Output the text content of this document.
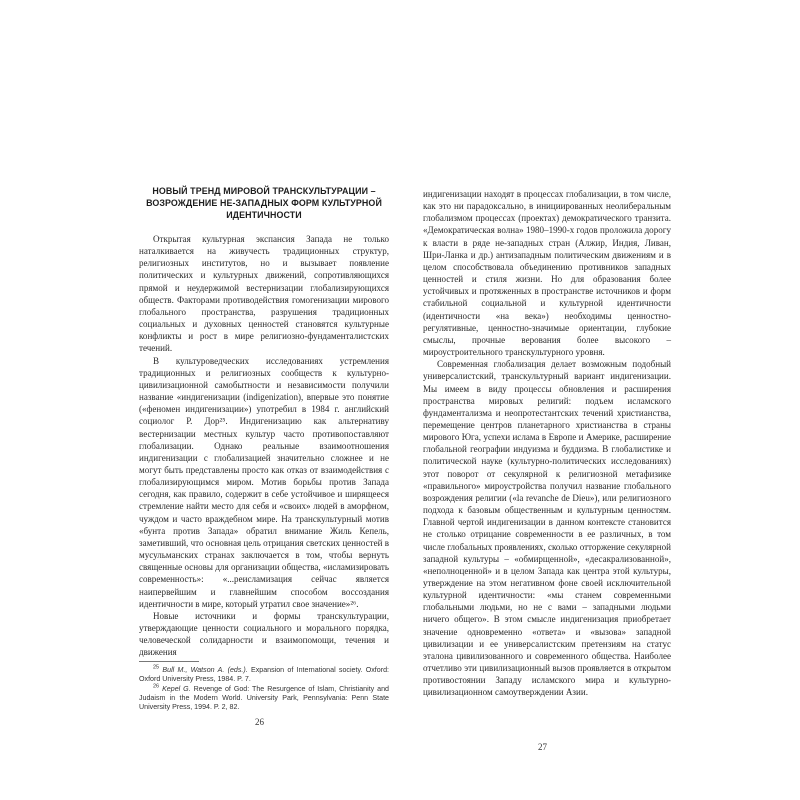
НОВЫЙ ТРЕНД МИРОВОЙ ТРАНСКУЛЬТУРАЦИИ – ВОЗРОЖДЕНИЕ НЕ-ЗАПАДНЫХ ФОРМ КУЛЬТУРНОЙ ИДЕНТИЧНОСТИ

Открытая культурная экспансия Запада не только наталкивается на живучесть традиционных структур, религиозных институтов, но и вызывает появление политических и культурных движений, сопротивляющихся прямой и неудержимой вестернизации глобализирующихся обществ. Факторами противодействия гомогенизации мирового глобального пространства, разрушения традиционных социальных и духовных ценностей становятся культурные конфликты и рост в мире религиозно-фундаменталистских течений.

В культуроведческих исследованиях устремления традиционных и религиозных сообществ к культурно-цивилизационной самобытности и независимости получили название «индигенизации (indigenization), впервые это понятие («феномен индигенизации») употребил в 1984 г. английский социолог Р. Дор²⁵. Индигенизацию как альтернативу вестернизации местных культур часто противопоставляют глобализации. Однако реальные взаимоотношения индигенизации с глобализацией значительно сложнее и не могут быть представлены просто как отказ от взаимодействия с глобализирующимся миром. Мотив борьбы против Запада сегодня, как правило, содержит в себе устойчивое и ширящееся стремление найти место для себя и «своих» людей в аморфном, чуждом и часто враждебном мире. На транскультурный мотив «бунта против Запада» обратил внимание Жиль Кепель, заметивший, что основная цель отрицания светских ценностей в мусульманских странах заключается в том, чтобы вернуть священные основы для организации общества, «исламизировать современность»: «...реисламизация сейчас является наипервейшим и главнейшим способом воссоздания идентичности в мире, который утратил свое значение»²⁶.

Новые источники и формы транскультурации, утверждающие ценности социального и морального порядка, человеческой солидарности и взаимопомощи, течения и движения

$^{25}$ Bull M., Watson A. (eds.). Expansion of International society. Oxford: Oxford University Press, 1984. P. 7.

$^{26}$ Kepel G. Revenge of God: The Resurgence of Islam, Christianity and Judaism in the Modern World. University Park, Pennsylvania: Penn State University Press, 1994. P. 2, 82.

26

индигенизации находят в процессах глобализации, в том числе, как это ни парадоксально, в инициированных неолиберальным глобализмом процессах (проектах) демократического транзита. «Демократическая волна» 1980–1990-х годов проложила дорогу к власти в ряде не-западных стран (Алжир, Индия, Ливан, Шри-Ланка и др.) антизападным политическим движениям и в целом способствовала объединению противников западных ценностей и стиля жизни. Но для образования более устойчивых и протяженных в пространстве источников и форм стабильной социальной и культурной идентичности (идентичности «на века») необходимы ценностно-регулятивные, ценностно-значимые ориентации, глубокие смыслы, прочные верования более высокого – мироустроительного транскультурного уровня.

Современная глобализация делает возможным подобный универсалистский, транскультурный вариант индигенизации. Мы имеем в виду процессы обновления и расширения пространства мировых религий: подъем исламского фундаментализма и неопротестантских течений христианства, перемещение центров планетарного христианства в страны мирового Юга, успехи ислама в Европе и Америке, расширение глобальной географии индуизма и буддизма. В глобалистике и политической науке (культурно-политических исследованиях) этот поворот от секулярной к религиозной метафизике «правильного» мироустройства получил название глобального возрождения религии («la revanche de Dieu»), или религиозного подхода к базовым общественным и культурным ценностям. Главной чертой индигенизации в данном контексте становится не столько отрицание современности в ее различных, в том числе глобальных проявлениях, сколько отторжение секулярной западной культуры – «обмирщенной», «десакрализованной», «неполноценной» и в целом Запада как центра этой культуры, утверждение на этом негативном фоне своей исключительной культурной идентичности: «мы станем современными глобальными людьми, но не с вами – западными людьми ничего общего». В этом смысле индигенизация приобретает значение одновременно «ответа» и «вызова» западной цивилизации и ее универсалистским претензиям на статус эталона цивилизованного и современного общества. Наиболее отчетливо эти цивилизационный вызов проявляется в открытом противостоянии Западу исламского мира и культурно-цивилизационном самоутверждении Азии.

27
